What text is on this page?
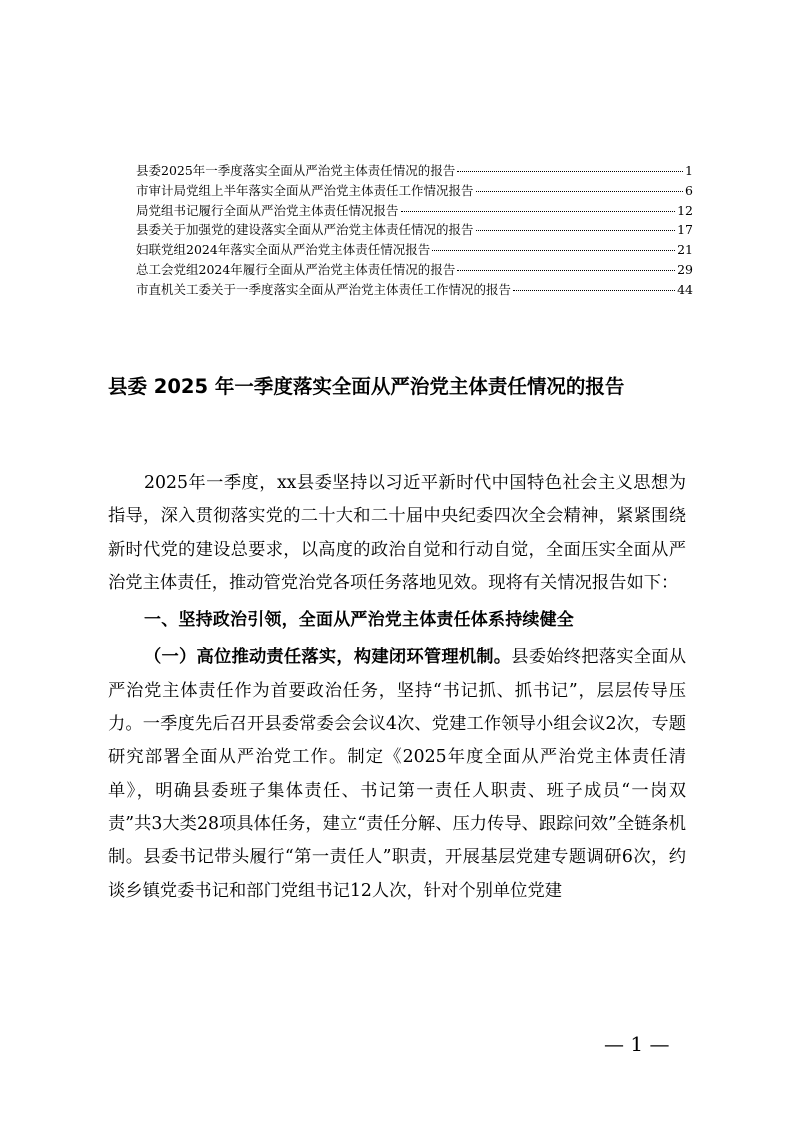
县委2025年一季度落实全面从严治党主体责任情况的报告	1
市审计局党组上半年落实全面从严治党主体责任工作情况报告	6
局党组书记履行全面从严治党主体责任情况报告	12
县委关于加强党的建设落实全面从严治党主体责任情况的报告	17
妇联党组2024年落实全面从严治党主体责任情况报告	21
总工会党组2024年履行全面从严治党主体责任情况的报告	29
市直机关工委关于一季度落实全面从严治党主体责任工作情况的报告	44
县委 2025 年一季度落实全面从严治党主体责任情况的报告

2025年一季度，xx县委坚持以习近平新时代中国特色社会主义思想为指导，深入贯彻落实党的二十大和二十届中央纪委四次全会精神，紧紧围绕新时代党的建设总要求，以高度的政治自觉和行动自觉，全面压实全面从严治党主体责任，推动管党治党各项任务落地见效。现将有关情况报告如下：

一、坚持政治引领，全面从严治党主体责任体系持续健全

（一）高位推动责任落实，构建闭环管理机制。县委始终把落实全面从严治党主体责任作为首要政治任务，坚持“书记抓、抓书记”，层层传导压力。一季度先后召开县委常委会会议4次、党建工作领导小组会议2次，专题研究部署全面从严治党工作。制定《2025年度全面从严治党主体责任清单》，明确县委班子集体责任、书记第一责任人职责、班子成员“一岗双责”共3大类28项具体任务，建立“责任分解、压力传导、跟踪问效”全链条机制。县委书记带头履行“第一责任人”职责，开展基层党建专题调研6次，约谈乡镇党委书记和部门党组书记12人次，针对个别单位党建

— 1 —
